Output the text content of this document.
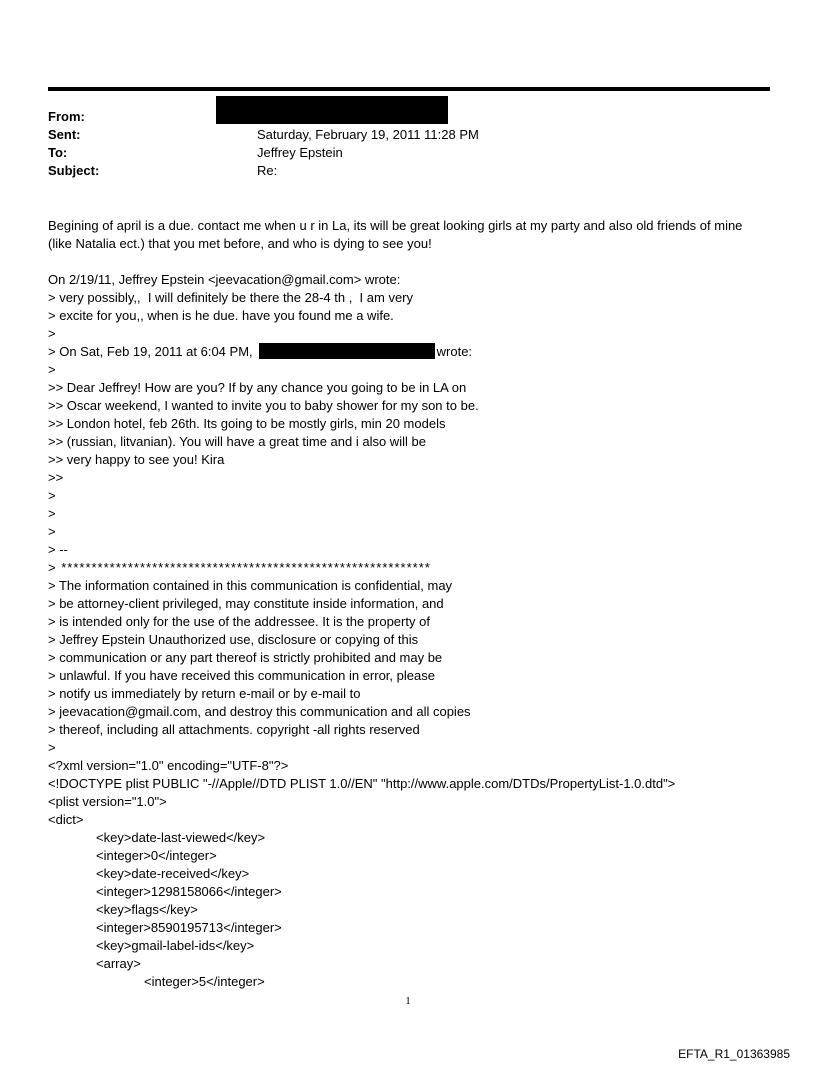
From:
Sent:	Saturday, February 19, 2011 11:28 PM
To:	Jeffrey Epstein
Subject:	Re:

Begining of april is a due. contact me when u r in La, its will be great looking girls at my party and also old friends of mine (like Natalia ect.) that you met before, and who is dying to see you!

On 2/19/11, Jeffrey Epstein <jeevacation@gmail.com> wrote:
> very possibly,,  I will definitely be there the 28-4 th ,  I am very
> excite for you,, when is he due. have you found me a wife.
>
> On Sat, Feb 19, 2011 at 6:04 PM,	wrote:
>
>> Dear Jeffrey! How are you? If by any chance you going to be in LA on
>> Oscar weekend, I wanted to invite you to baby shower for my son to be.
>> London hotel, feb 26th. Its going to be mostly girls, min 20 models
>> (russian, litvanian). You will have a great time and i also will be
>> very happy to see you! Kira
>>
>
>
>
> --
> *************************************************************
> The information contained in this communication is confidential, may
> be attorney-client privileged, may constitute inside information, and
> is intended only for the use of the addressee. It is the property of
> Jeffrey Epstein Unauthorized use, disclosure or copying of this
> communication or any part thereof is strictly prohibited and may be
> unlawful. If you have received this communication in error, please
> notify us immediately by return e-mail or by e-mail to
> jeevacation@gmail.com, and destroy this communication and all copies
> thereof, including all attachments. copyright -all rights reserved
>
<?xml version="1.0" encoding="UTF-8"?>
<!DOCTYPE plist PUBLIC "-//Apple//DTD PLIST 1.0//EN" "http://www.apple.com/DTDs/PropertyList-1.0.dtd">
<plist version="1.0">
<dict>
<key>date-last-viewed</key>
<integer>0</integer>
<key>date-received</key>
<integer>1298158066</integer>
<key>flags</key>
<integer>8590195713</integer>
<key>gmail-label-ids</key>
<array>
<integer>5</integer>
1
EFTA_R1_01363985
